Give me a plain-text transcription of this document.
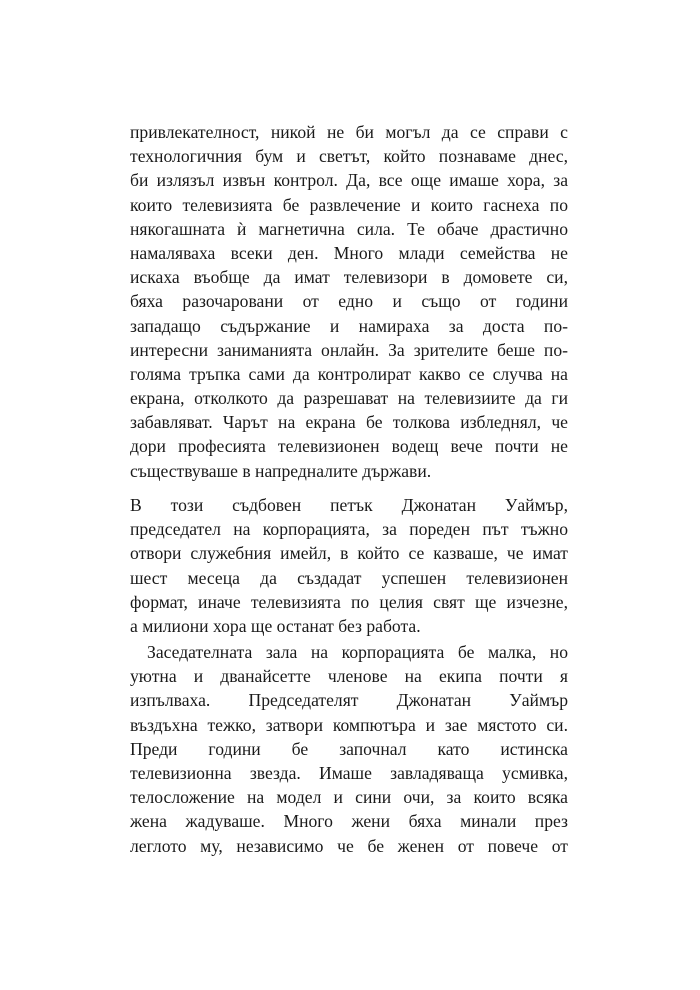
привлекателност, никой не би могъл да се справи с
технологичния бум и светът, който познаваме днес,
би излязъл извън контрол. Да, все още имаше хора, за
които телевизията бе развлечение и които гаснеха по
някогашната ѝ магнетична сила. Те обаче драстично
намаляваха всеки ден. Много млади семейства не
искаха въобще да имат телевизори в домовете си,
бяха разочаровани от едно и също от години
западащо съдържание и намираха за доста по-
интересни заниманията онлайн. За зрителите беше по-
голяма тръпка сами да контролират какво се случва на
екрана, отколкото да разрешават на телевизиите да ги
забавляват. Чарът на екрана бе толкова избледнял, че
дори професията телевизионен водещ вече почти не
съществуваше в напредналите държави.
В този съдбовен петък Джонатан Уаймър,
председател на корпорацията, за пореден път тъжно
отвори служебния имейл, в който се казваше, че имат
шест месеца да създадат успешен телевизионен
формат, иначе телевизията по целия свят ще изчезне,
а милиони хора ще останат без работа.
Заседателната зала на корпорацията бе малка, но
уютна и дванайсетте членове на екипа почти я
изпълваха. Председателят Джонатан Уаймър
въздъхна тежко, затвори компютъра и зае мястото си.
Преди години бе започнал като истинска
телевизионна звезда. Имаше завладяваща усмивка,
телосложение на модел и сини очи, за които всяка
жена жадуваше. Много жени бяха минали през
леглото му, независимо че бе женен от повече от
